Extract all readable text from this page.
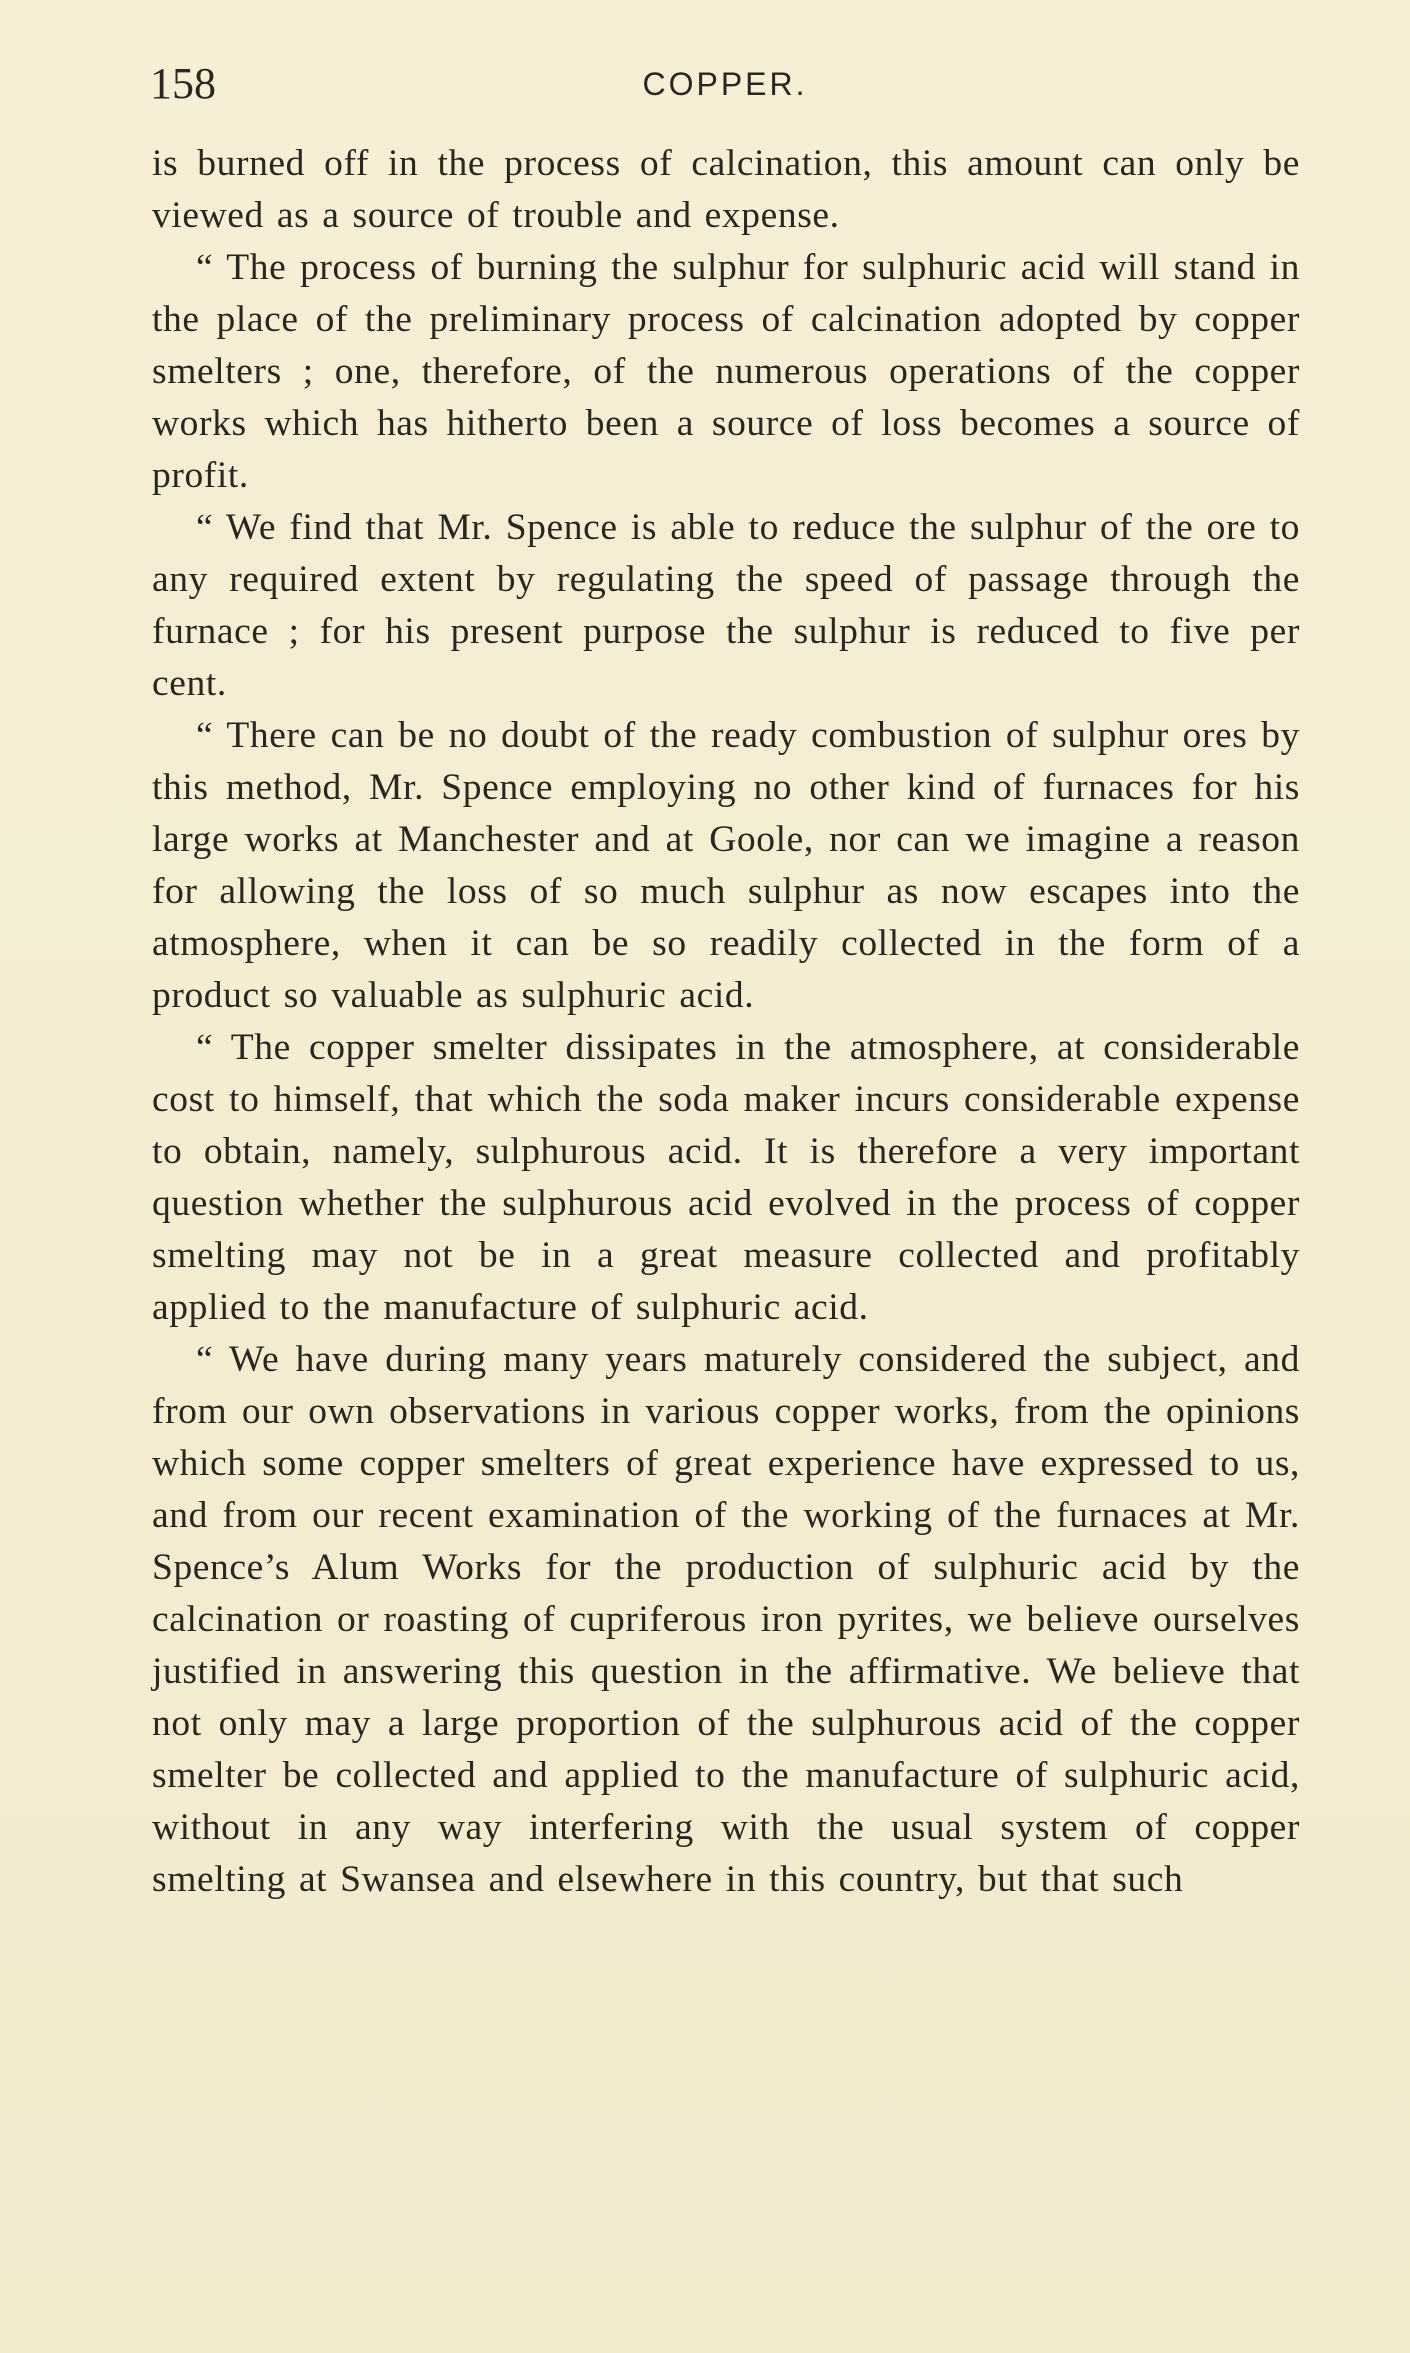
158	COPPER.

is burned off in the process of calcination, this amount can only be viewed as a source of trouble and expense.

“ The process of burning the sulphur for sulphuric acid will stand in the place of the preliminary process of calcination adopted by copper smelters ; one, therefore, of the numerous operations of the copper works which has hitherto been a source of loss becomes a source of profit.

“ We find that Mr. Spence is able to reduce the sulphur of the ore to any required extent by regulating the speed of passage through the furnace ; for his present purpose the sulphur is reduced to five per cent.

“ There can be no doubt of the ready combustion of sulphur ores by this method, Mr. Spence employing no other kind of furnaces for his large works at Manchester and at Goole, nor can we imagine a reason for allowing the loss of so much sulphur as now escapes into the atmosphere, when it can be so readily collected in the form of a product so valuable as sulphuric acid.

“ The copper smelter dissipates in the atmosphere, at considerable cost to himself, that which the soda maker incurs considerable expense to obtain, namely, sulphurous acid. It is therefore a very important question whether the sulphurous acid evolved in the process of copper smelting may not be in a great measure collected and profitably applied to the manufacture of sulphuric acid.

“ We have during many years maturely considered the subject, and from our own observations in various copper works, from the opinions which some copper smelters of great experience have expressed to us, and from our recent examination of the working of the furnaces at Mr. Spence’s Alum Works for the production of sulphuric acid by the calcination or roasting of cupriferous iron pyrites, we believe ourselves justified in answering this question in the affirmative. We believe that not only may a large proportion of the sulphurous acid of the copper smelter be collected and applied to the manufacture of sulphuric acid, without in any way interfering with the usual system of copper smelting at Swansea and elsewhere in this country, but that such
